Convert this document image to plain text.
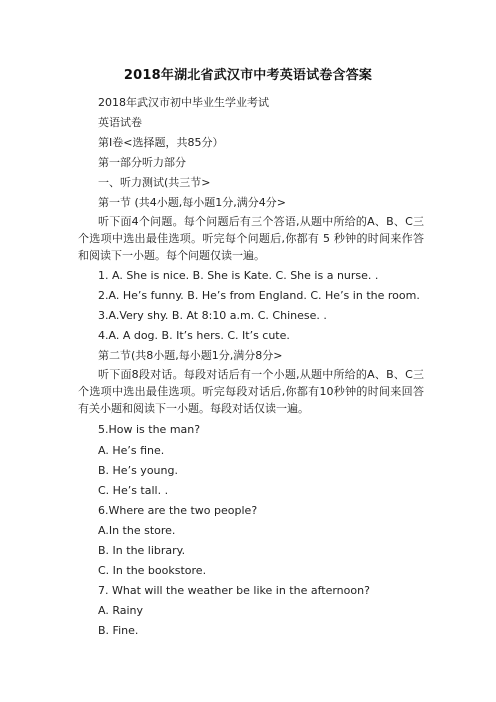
2018年湖北省武汉市中考英语试卷含答案
2018年武汉市初中毕业生学业考试
英语试卷
第Ⅰ卷<选择题，共85分）
第一部分听力部分
一、听力测试(共三节>
第一节 (共4小题,每小题1分,满分4分>
听下面4个问题。每个问题后有三个答语,从题中所给的A、B、C三个选项中选出最佳选项。听完每个问题后,你都有 5 秒钟的时间来作答和阅读下一小题。每个问题仅读一遍。
1. A. She is nice. B. She is Kate. C. She is a nurse. .
2.A. He’s funny. B. He’s from England. C. He’s in the room.
3.A.Very shy. B. At 8:10 a.m. C. Chinese. .
4.A. A dog. B. It’s hers. C. It’s cute.
第二节(共8小题,每小题1分,满分8分>
听下面8段对话。每段对话后有一个小题,从题中所给的A、B、C三个选项中选出最佳选项。听完每段对话后,你都有10秒钟的时间来回答有关小题和阅读下一小题。每段对话仅读一遍。
5.How is the man?
A. He’s fine.
B. He’s young.
C. He’s tall. .
6.Where are the two people?
A.In the store.
B. In the library.
C. In the bookstore.
7. What will the weather be like in the afternoon?
A. Rainy
B. Fine.
